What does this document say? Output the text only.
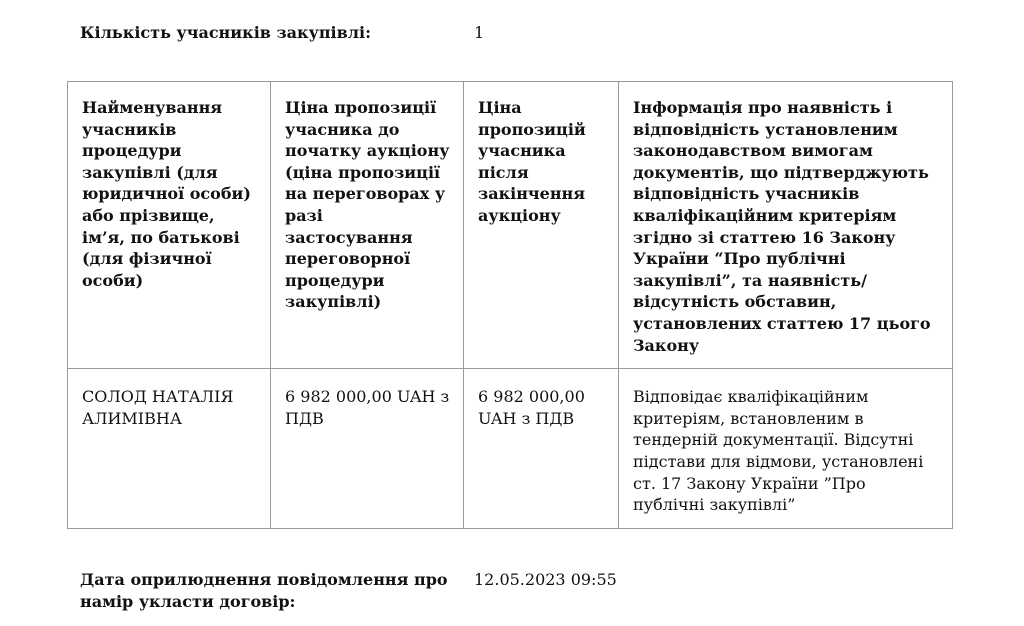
Кількість учасників закупівлі:	1
Найменування учасників процедури закупівлі (для юридичної особи) або прізвище, ім’я, по батькові (для фізичної особи)	Ціна пропозиції учасника до початку аукціону (ціна пропозиції на переговорах у разі застосування переговорної процедури закупівлі)	Ціна пропозицій учасника після закінчення аукціону	Інформація про наявність і відповідність установленим законодавством вимогам документів, що підтверджують відповідність учасників кваліфікаційним критеріям згідно зі статтею 16 Закону України “Про публічні закупівлі”, та наявність/відсутність обставин, установлених статтею 17 цього Закону
СОЛОД НАТАЛІЯ АЛИМІВНА	6 982 000,00 UAH з ПДВ	6 982 000,00 UAH з ПДВ	Відповідає кваліфікаційним критеріям, встановленим в тендерній документації. Відсутні підстави для відмови, установлені ст. 17 Закону України ”Про публічні закупівлі”
Дата оприлюднення повідомлення про намір укласти договір:
12.05.2023 09:55
